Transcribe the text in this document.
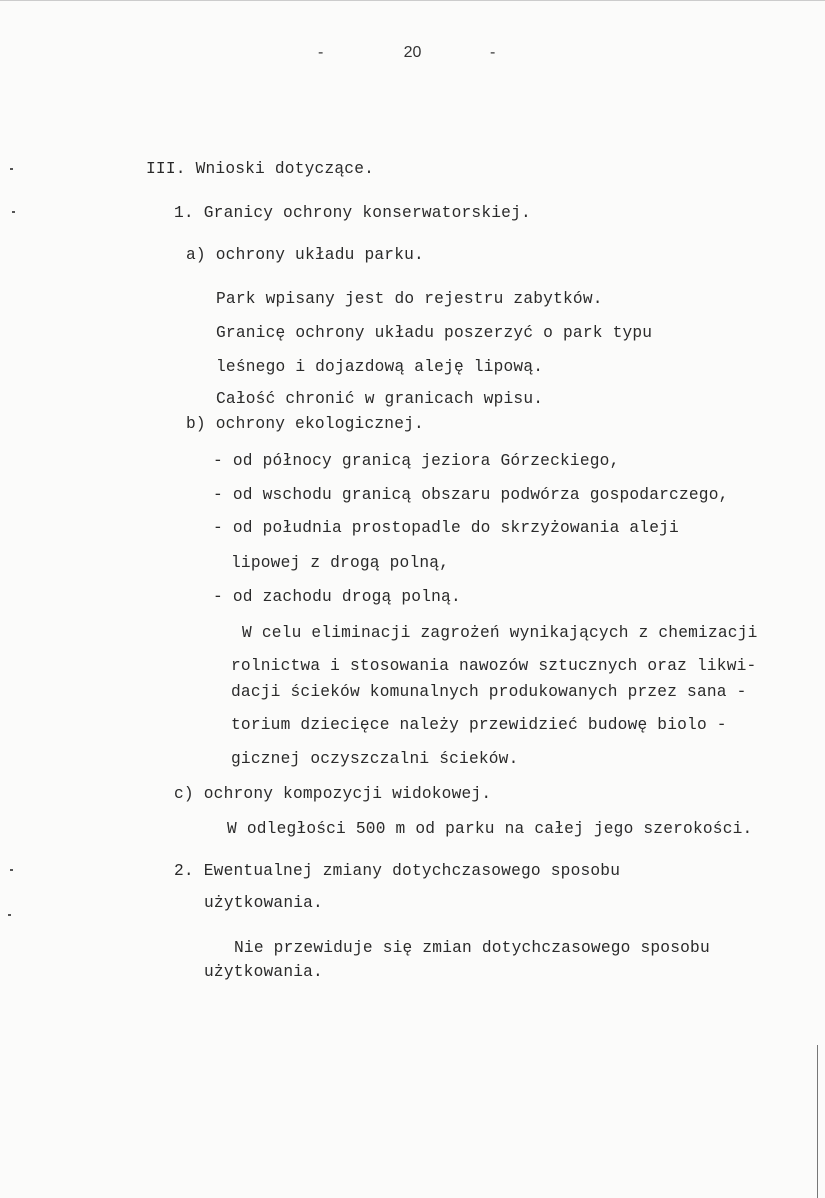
-	20	-
III. Wnioski dotyczące.
1. Granicy ochrony konserwatorskiej.
a) ochrony układu parku.
Park wpisany jest do rejestru zabytków.
Granicę ochrony układu poszerzyć o park typu
leśnego i dojazdową aleję lipową.
Całość chronić w granicach wpisu.
b) ochrony ekologicznej.
- od północy granicą jeziora Górzeckiego,
- od wschodu granicą obszaru podwórza gospodarczego,
- od południa prostopadle do skrzyżowania aleji
lipowej z drogą polną,
- od zachodu drogą polną.
W celu eliminacji zagrożeń wynikających z chemizacji
rolnictwa i stosowania nawozów sztucznych oraz likwi-
dacji ścieków komunalnych produkowanych przez sana -
torium dziecięce należy przewidzieć budowę biolo -
gicznej oczyszczalni ścieków.
c) ochrony kompozycji widokowej.
W odległości 500 m od parku na całej jego szerokości.
2. Ewentualnej zmiany dotychczasowego sposobu
użytkowania.
Nie przewiduje się zmian dotychczasowego sposobu
użytkowania.
